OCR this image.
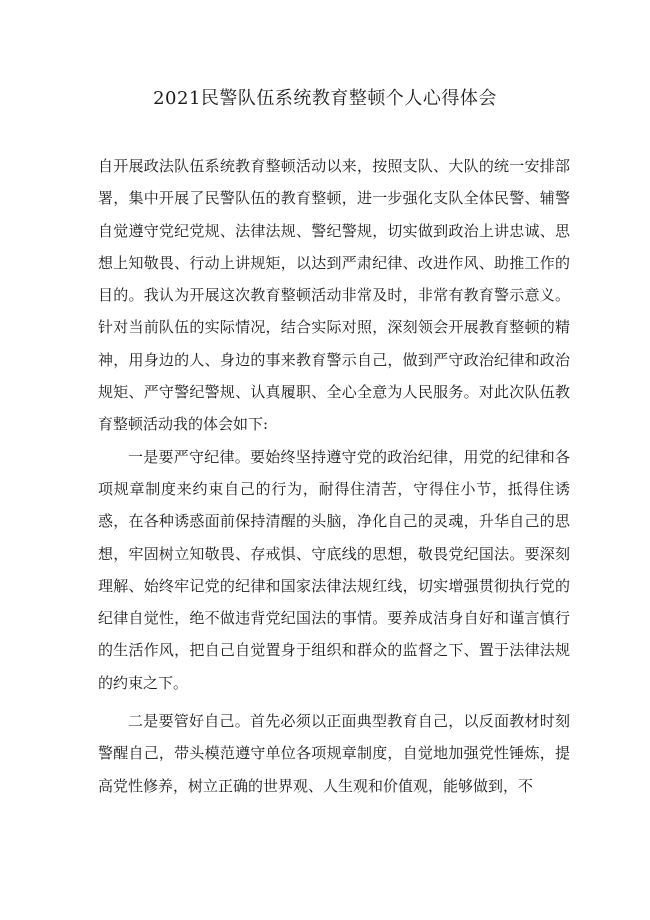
2021民警队伍系统教育整顿个人心得体会

自开展政法队伍系统教育整顿活动以来，按照支队、大队的统一安排部署，集中开展了民警队伍的教育整顿，进一步强化支队全体民警、辅警自觉遵守党纪党规、法律法规、警纪警规，切实做到政治上讲忠诚、思想上知敬畏、行动上讲规矩，以达到严肃纪律、改进作风、助推工作的目的。我认为开展这次教育整顿活动非常及时，非常有教育警示意义。针对当前队伍的实际情况，结合实际对照，深刻领会开展教育整顿的精神，用身边的人、身边的事来教育警示自己，做到严守政治纪律和政治规矩、严守警纪警规、认真履职、全心全意为人民服务。对此次队伍教育整顿活动我的体会如下:

一是要严守纪律。要始终坚持遵守党的政治纪律，用党的纪律和各项规章制度来约束自己的行为，耐得住清苦，守得住小节，抵得住诱惑，在各种诱惑面前保持清醒的头脑，净化自己的灵魂，升华自己的思想，牢固树立知敬畏、存戒惧、守底线的思想，敬畏党纪国法。要深刻理解、始终牢记党的纪律和国家法律法规红线，切实增强贯彻执行党的纪律自觉性，绝不做违背党纪国法的事情。要养成洁身自好和谨言慎行的生活作风，把自己自觉置身于组织和群众的监督之下、置于法律法规的约束之下。

二是要管好自己。首先必须以正面典型教育自己，以反面教材时刻警醒自己，带头模范遵守单位各项规章制度，自觉地加强党性锤炼，提高党性修养，树立正确的世界观、人生观和价值观，能够做到，不
